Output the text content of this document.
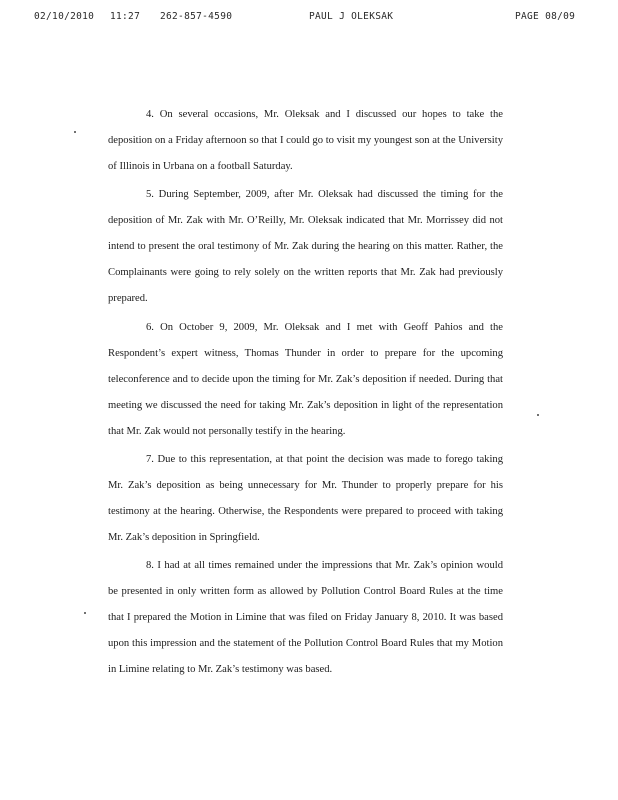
02/10/2010 11:27 262-857-4590	PAUL J OLEKSAK	PAGE 08/09

4. On several occasions, Mr. Oleksak and I discussed our hopes to take the deposition on a Friday afternoon so that I could go to visit my youngest son at the University of Illinois in Urbana on a football Saturday.

5. During September, 2009, after Mr. Oleksak had discussed the timing for the deposition of Mr. Zak with Mr. O’Reilly, Mr. Oleksak indicated that Mr. Morrissey did not intend to present the oral testimony of Mr. Zak during the hearing on this matter. Rather, the Complainants were going to rely solely on the written reports that Mr. Zak had previously prepared.

6. On October 9, 2009, Mr. Oleksak and I met with Geoff Pahios and the Respondent’s expert witness, Thomas Thunder in order to prepare for the upcoming teleconference and to decide upon the timing for Mr. Zak’s deposition if needed. During that meeting we discussed the need for taking Mr. Zak’s deposition in light of the representation that Mr. Zak would not personally testify in the hearing.

7. Due to this representation, at that point the decision was made to forego taking Mr. Zak’s deposition as being unnecessary for Mr. Thunder to properly prepare for his testimony at the hearing. Otherwise, the Respondents were prepared to proceed with taking Mr. Zak’s deposition in Springfield.

8. I had at all times remained under the impressions that Mr. Zak’s opinion would be presented in only written form as allowed by Pollution Control Board Rules at the time that I prepared the Motion in Limine that was filed on Friday January 8, 2010. It was based upon this impression and the statement of the Pollution Control Board Rules that my Motion in Limine relating to Mr. Zak’s testimony was based.
